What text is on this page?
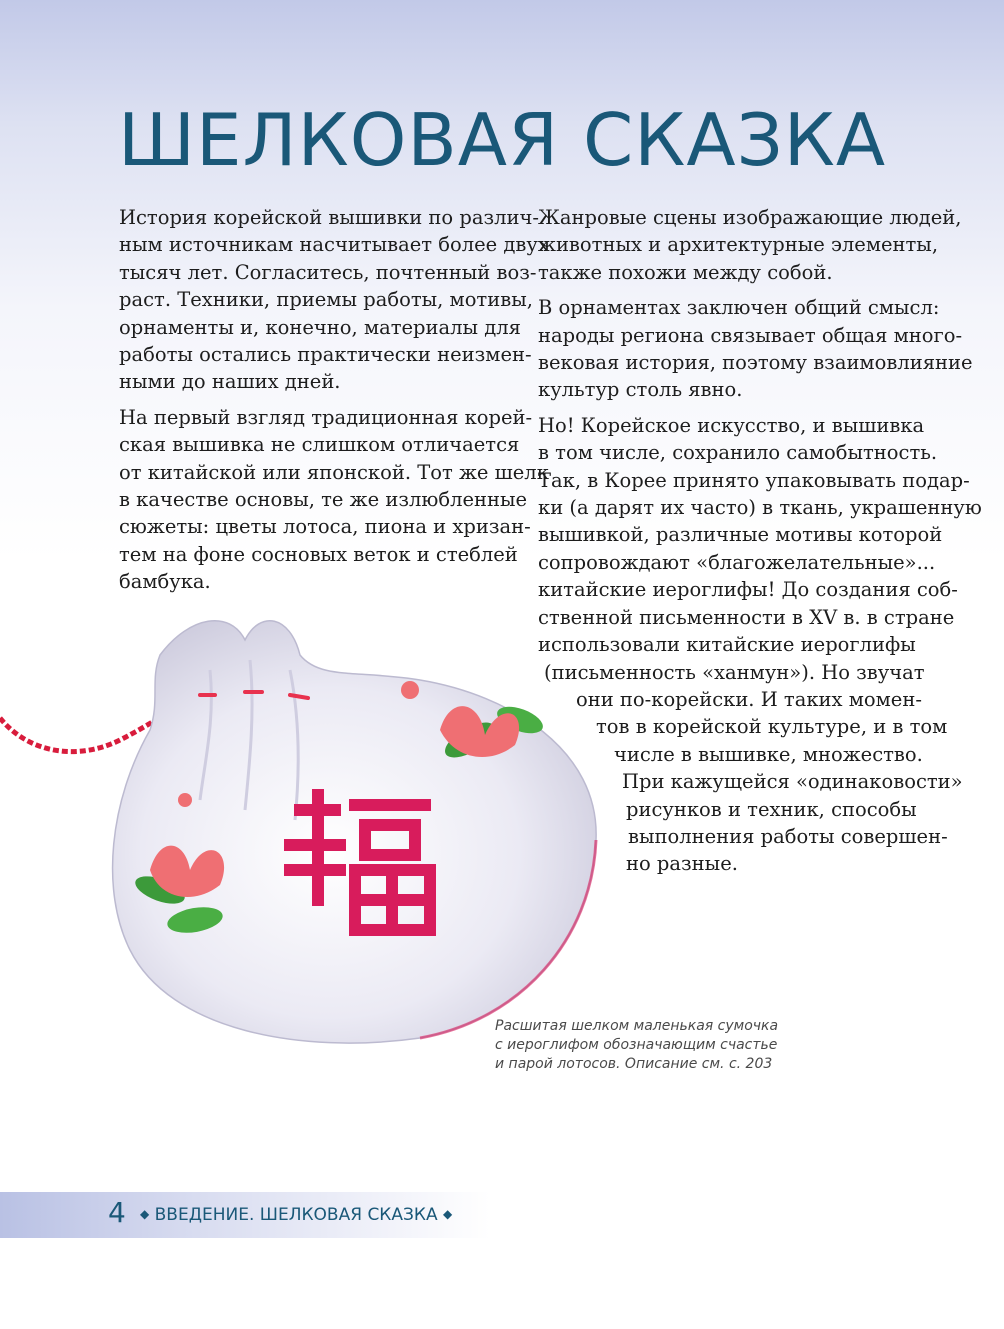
ШЕЛКОВАЯ СКАЗКА

История корейской вышивки по различ-
ным источникам насчитывает более двух
тысяч лет. Согласитесь, почтенный воз-
раст. Техники, приемы работы, мотивы,
орнаменты и, конечно, материалы для
работы остались практически неизмен-
ными до наших дней.

На первый взгляд традиционная корей-
ская вышивка не слишком отличается
от китайской или японской. Тот же шелк
в качестве основы, те же излюбленные
сюжеты: цветы лотоса, пиона и хризан-
тем на фоне сосновых веток и стеблей
бамбука.

Жанровые сцены изображающие людей,
животных и архитектурные элементы,
также похожи между собой.

В орнаментах заключен общий смысл:
народы региона связывает общая много-
вековая история, поэтому взаимовлияние
культур столь явно.

Но! Корейское искусство, и вышивка
в том числе, сохранило самобытность.
Так, в Корее принято упаковывать подар-
ки (а дарят их часто) в ткань, украшенную
вышивкой, различные мотивы которой
сопровождают «благожелательные»...
китайские иероглифы! До создания соб-
ственной письменности в XV в. в стране
использовали китайские иероглифы
(письменность «ханмун»). Но звучат
они по-корейски. И таких момен-
тов в корейской культуре, и в том
числе в вышивке, множество.
При кажущейся «одинаковости»
рисунков и техник, способы
выполнения работы совершен-
но разные.

Расшитая шелком маленькая сумочка
с иероглифом обозначающим счастье
и парой лотосов. Описание см. с. 203
4 ◆ ВВЕДЕНИЕ. ШЕЛКОВАЯ СКАЗКА ◆
